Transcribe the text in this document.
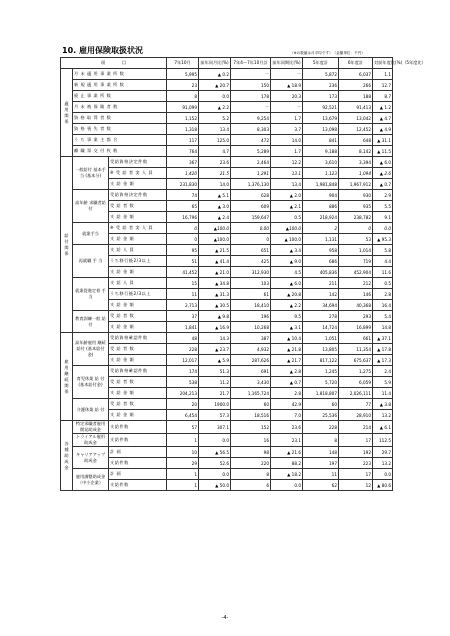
10. 雇用保険取扱状況	（※の数値は月平均です）　（金額単位：千円）
項　　　　目			7年10月	前年同月比(%)	7年4～7年10月計	前年同期比(%)	5年度計	6年度計	対前年度比(%)（5年度比）
適 用 関 係	月 末 適 用 事 業 所 数		5,995	▲ 0.2	－	－	5,872	6,037	1.1
	新 規 適 用 事 業 所 数		23	▲ 20.7	150	▲ 18.9	236	266	12.7
	廃 止 事 業 所 数		8	0.0	178	20.3	173	188	8.7
	月 末 被 保 険 者 数		91,099	▲ 2.2	－	－	92,521	91,413	▲ 1.2
	資 格 取 得 者 数		1,152	5.2	9,254	1.7	13,679	13,042	▲ 4.7
	資 格 喪 失 者 数		1,318	13.4	8,303	3.7	13,098	12,452	▲ 4.9
	う ち 事 業 主 都 合		117	125.0	472	14.0	841	648	▲ 31.1
	離 職 票 交 付 枚 数		764	4.7	5,289	1.7	9,188	8,142	▲ 11.5
給 付 関 係	一般給付 基本手当 (基本分)	受給資格決定件数	367	23.6	2,464	12.2	3,610	3,394	▲ 6.0
		※ 受 給 者 実 人 員	1,420	21.5	1,291	13.1	1,123	1,094	▲ 2.6
		支 給 金 額	231,830	14.0	1,376,130	13.4	1,981,848	1,967,912	▲ 0.7
	高年齢 求職者給付	受給資格決定件数	74	▲ 5.1	628	▲ 2.0	904	930	2.9
		受 給 者 数	65	▲ 3.0	609	▲ 2.1	886	935	5.5
		支 給 金 額	16,796	▲ 2.4	159,647	0.5	218,924	238,782	9.1
	就業手当	※ 受 給 者 実 人 員	0	▲100.0	0.00	▲100.0	2	0	0.0
		支 給 金 額	0	▲100.0	0	▲ 100.0	1,131	53	▲ 95.3
	再就職 手 当	支 給 人 員	95	▲ 21.5	651	▲ 3.4	958	1,014	5.8
		うち移行後2/3以上	51	▲ 41.4	425	▲ 9.0	686	719	4.4
		支 給 金 額	41,452	▲ 21.0	312,930	4.5	405,836	452,904	11.6
	就業促進定着 手 当	支 給 人 員	15	▲ 34.8	103	▲ 6.0	211	212	0.5
		うち移行後2/3以上	11	▲ 31.3	61	▲ 20.8	142	146	2.8
		支 給 金 額	2,713	▲ 30.5	18,410	▲ 2.2	34,694	40,368	16.4
	教育訓練一般 給 付	受 給 者 数	37	▲ 9.8	196	9.5	278	293	5.4
		支 給 金 額	1,841	▲ 16.9	10,268	▲ 3.1	14,724	16,899	14.8
雇 用 継 続 関 係	高年齢雇用 継続給付 (基本給付金)	受給資格確認件数	48	14.3	387	▲ 10.4	1,051	661	▲ 37.1
		受 給 者 数	228	▲ 23.7	4,932	▲ 21.8	13,805	11,354	▲ 17.8
		支 給 金 額	12,017	▲ 5.9	287,626	▲ 21.7	817,122	675,637	▲ 17.3
	育児休業 給 付 (基本給付金)	受給資格確認件数	174	51.3	691	▲ 2.8	1,245	1,275	2.4
		受 給 者 数	538	11.2	3,430	▲ 0.7	5,720	6,059	5.9
		支 給 金 額	204,213	21.7	1,165,724	2.8	1,818,807	2,026,111	11.4
	介護休業 給 付	受 給 者 数	20	1900.0	60	42.9	60	77	▲ 3.8
		支 給 金 額	6,454	57.3	18,516	7.0	25,536	28,910	13.2
各 種 助 成 金	特定求職者雇用開発助成金	支給件数	57	307.1	152	23.6	228	214	▲ 6.1
	トライアル雇用助成金	支給件数	1	0.0	16	23.1	8	17	112.5
	キャリアアップ助成金	計 画	10	▲ 56.5	98	▲ 21.6	148	192	29.7
		支給件数	29	52.6	220	88.2	197	223	13.2
	雇用調整助成金（中小企業）	計 画	1	0.0	8	▲ 18.2	11	17	0.0
		支給件数	1	▲ 50.0	6	0.0	62	12	▲ 80.6
-4-
